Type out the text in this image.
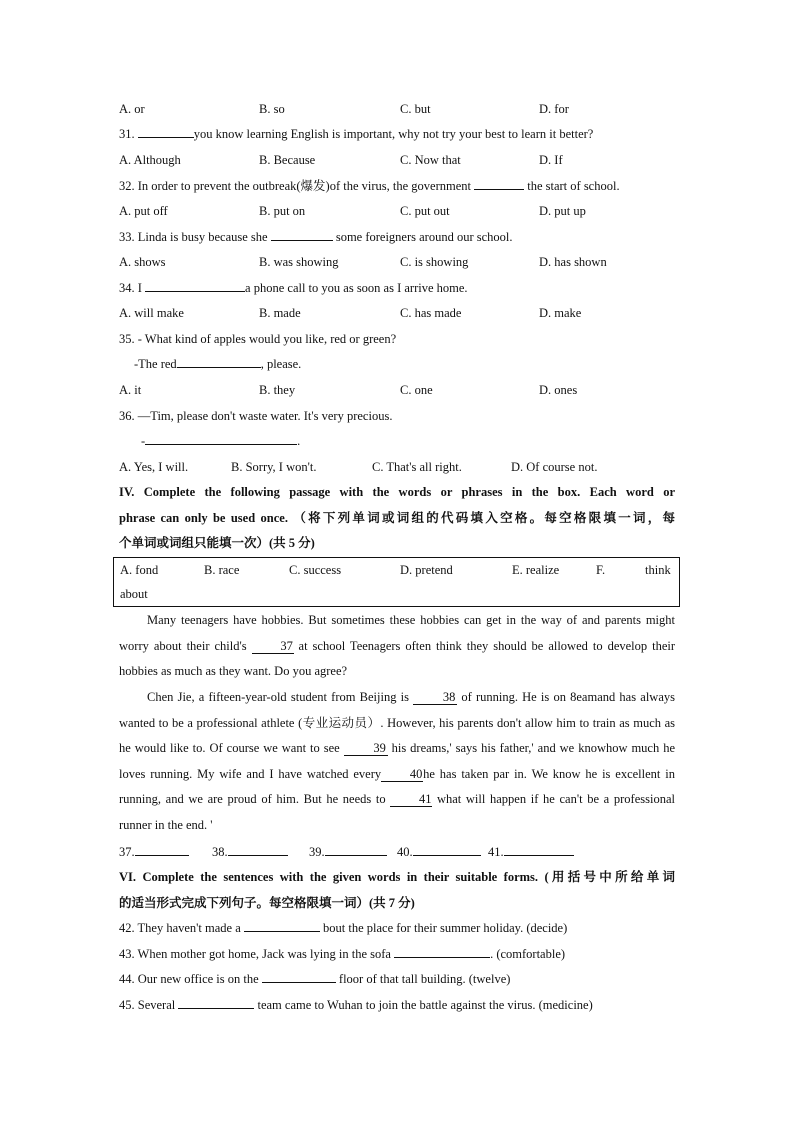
A. or	B. so	C. but	D. for
31.	you know learning English is important, why not try your best to learn it better?
A. Although	B. Because	C. Now that	D. If
32. In order to prevent the outbreak(爆发)of the virus, the government	the start of school.
A. put off	B. put on	C. put out	D. put up
33. Linda is busy because she	some foreigners around our school.
A. shows	B. was showing	C. is showing	D. has shown
34. I	a phone call to you as soon as I arrive home.
A. will make	B. made	C. has made	D. make
35. - What kind of apples would you like, red or green?
-The red	, please.
A. it	B. they	C. one	D. ones
36. —Tim, please don't waste water. It's very precious.
-	.
A. Yes, I will.	B. Sorry, I won't.	C. That's all right.	D. Of course not.
IV. Complete the following passage with the words or phrases in the box. Each word or
phrase can only be used once. （将下列单词或词组的代码填入空格。每空格限填一词，每
个单词或词组只能填一次）(共 5 分)
A. fond	B. race	C. success	D. pretend	E. realize	F.	think
about
Many teenagers have hobbies. But sometimes these hobbies can get in the way of and parents might worry about their child's	37 at school Teenagers often think they should be allowed to develop their hobbies as much as they want. Do you agree?
Chen Jie, a fifteen-year-old student from Beijing is	38 of running. He is on 8eamand has always wanted to be a professional athlete (专业运动员）. However, his parents don't allow him to train as much as he would like to. Of course we want to see	39 his dreams,' says his father,' and we knowhow much he loves running. My wife and I have watched every 40he has taken par in. We know he is excellent in running, and we are proud of him. But he needs to	41 what will happen if he can't be a professional runner in the end. '
37.	38.	39.	40.	41.
VI. Complete the sentences with the given words in their suitable forms. (用括号中所给单词
的适当形式完成下列句子。每空格限填一词）(共 7 分)
42. They haven't made a	bout the place for their summer holiday. (decide)
43. When mother got home, Jack was lying in the sofa	. (comfortable)
44. Our new office is on the	floor of that tall building. (twelve)
45. Several	team came to Wuhan to join the battle against the virus. (medicine)
